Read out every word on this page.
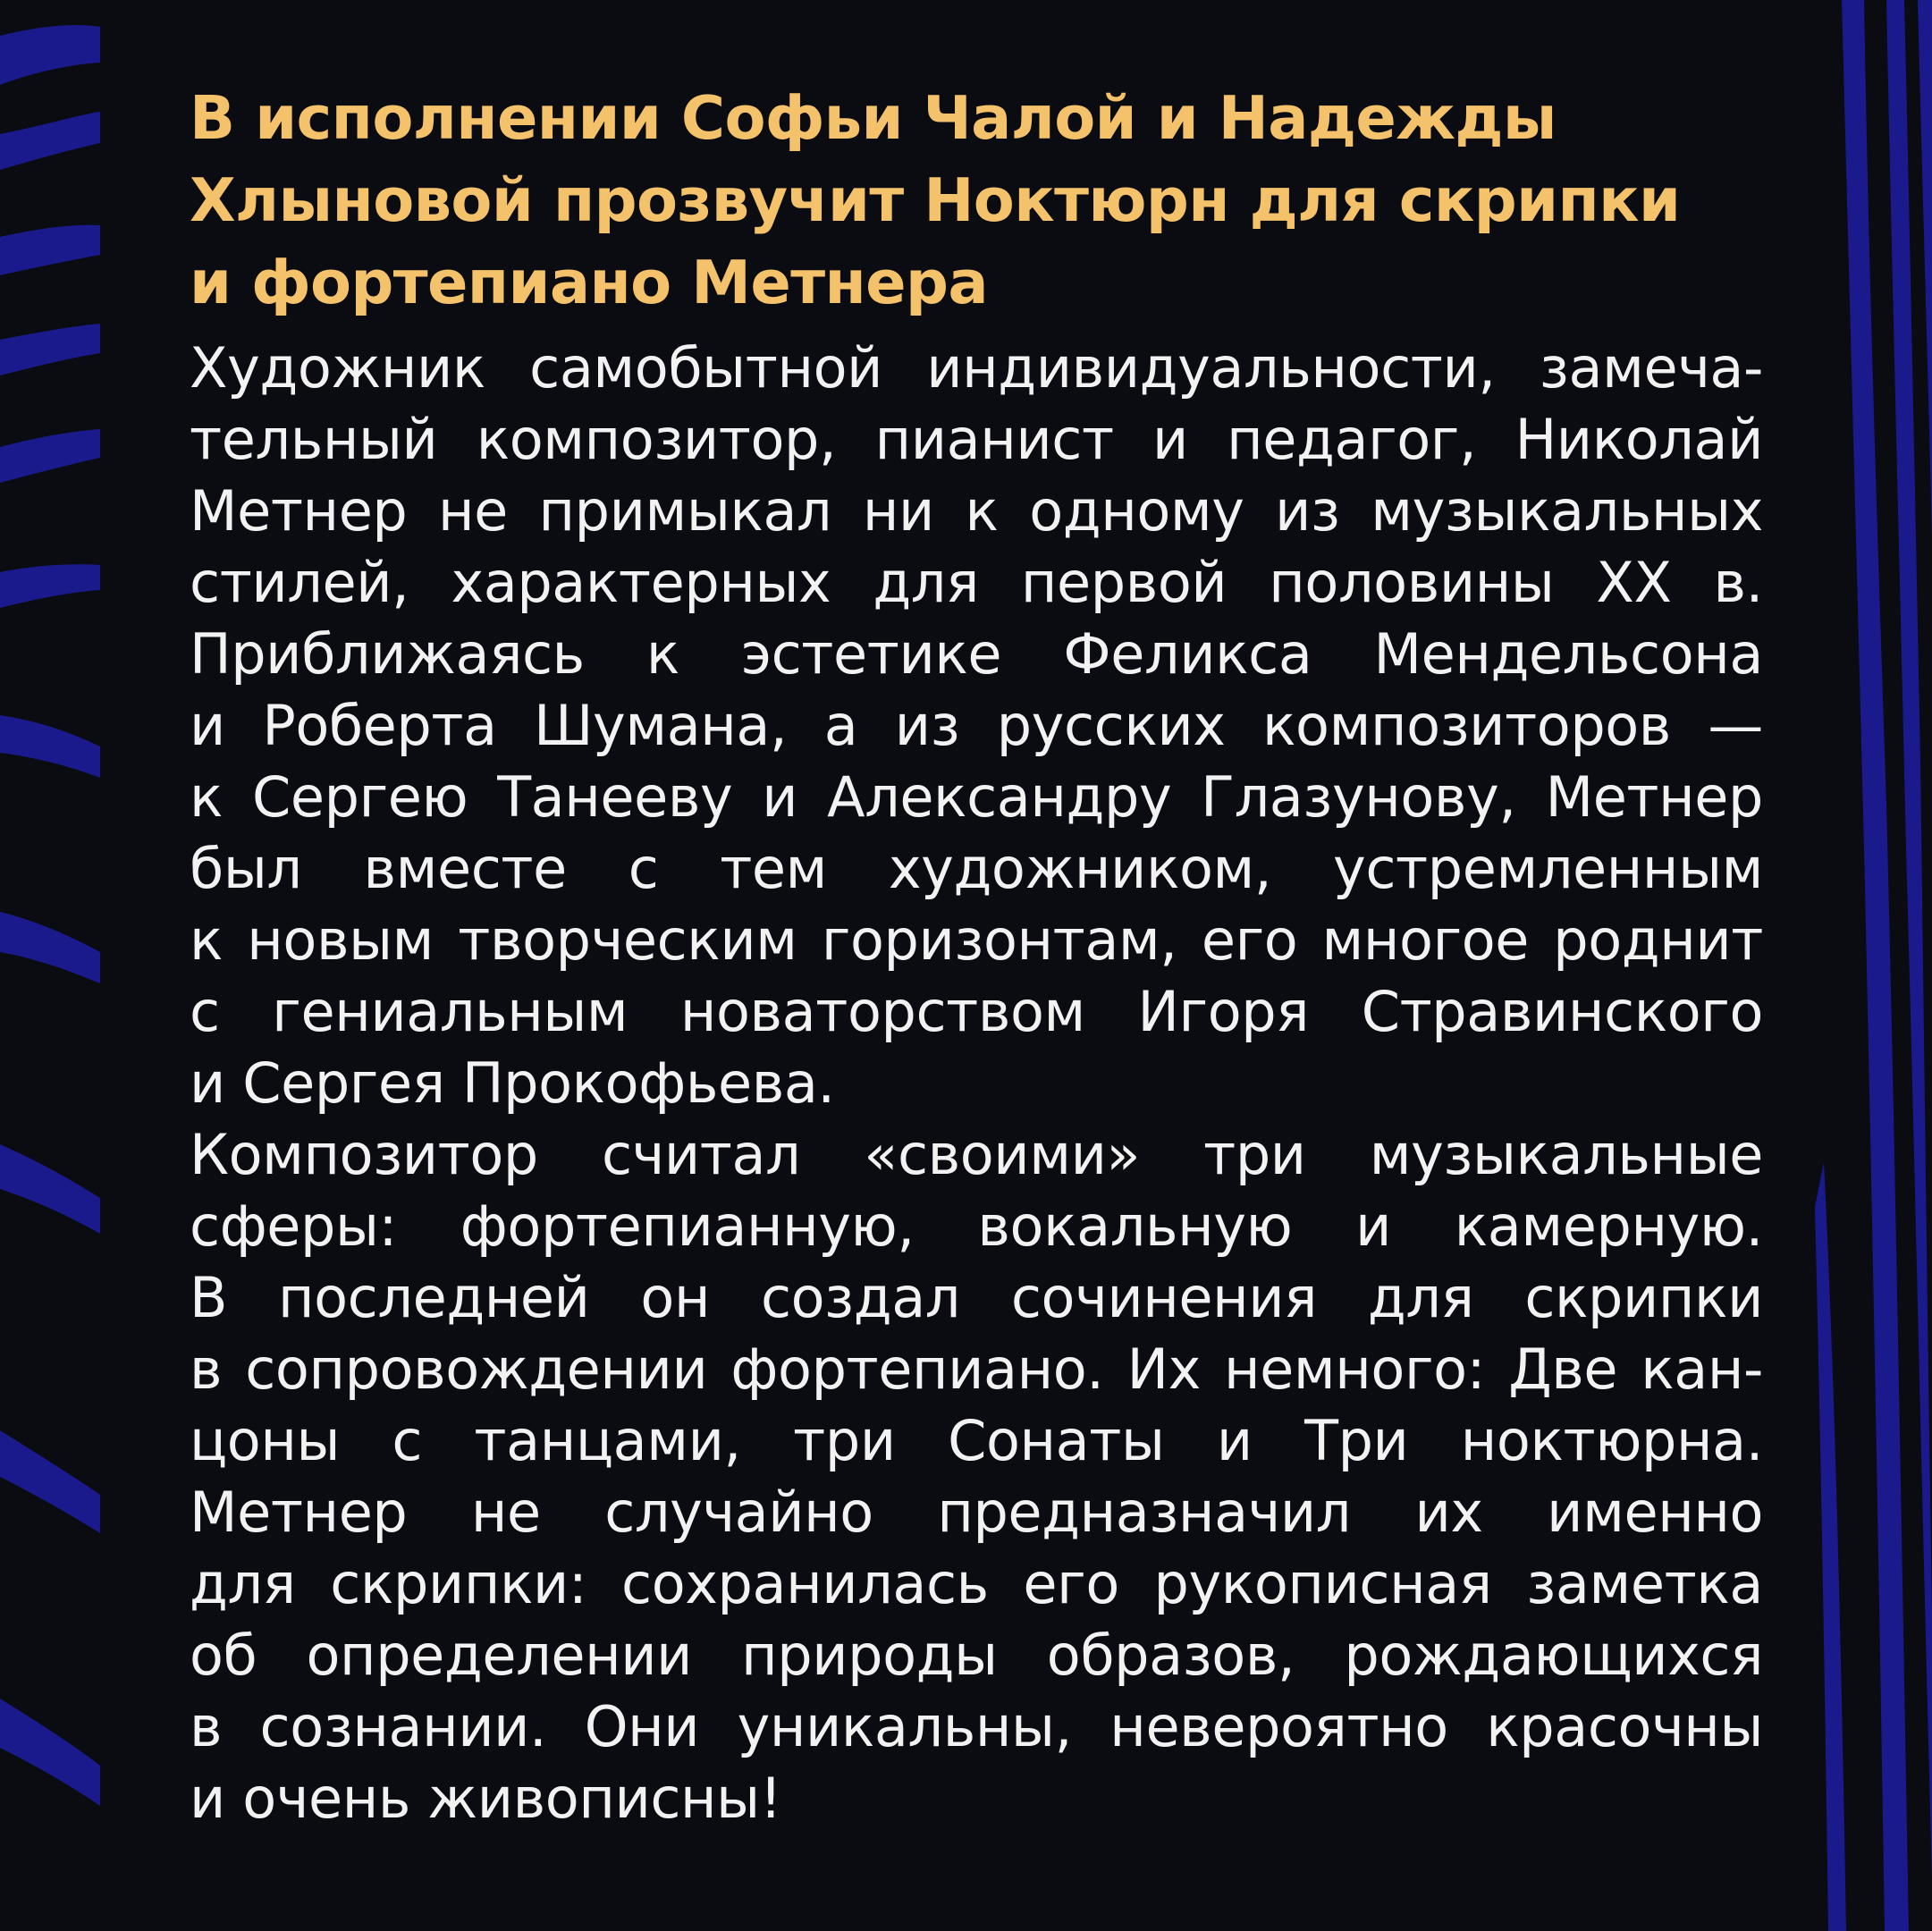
В исполнении Софьи Чалой и Надежды
Хлыновой прозвучит Ноктюрн для скрипки
и фортепиано Метнера
Художник самобытной индивидуальности, замеча-
тельный композитор, пианист и педагог, Николай
Метнер не примыкал ни к одному из музыкальных
стилей, характерных для первой половины XX в.
Приближаясь к эстетике Феликса Мендельсона
и Роберта Шумана, а из русских композиторов —
к Сергею Танееву и Александру Глазунову, Метнер
был вместе с тем художником, устремленным
к новым творческим горизонтам, его многое роднит
с гениальным новаторством Игоря Стравинского
и Сергея Прокофьева.
Композитор считал «своими» три музыкальные
сферы: фортепианную, вокальную и камерную.
В последней он создал сочинения для скрипки
в сопровождении фортепиано. Их немного: Две кан-
цоны с танцами, три Сонаты и Три ноктюрна.
Метнер не случайно предназначил их именно
для скрипки: сохранилась его рукописная заметка
об определении природы образов, рождающихся
в сознании. Они уникальны, невероятно красочны
и очень живописны!
